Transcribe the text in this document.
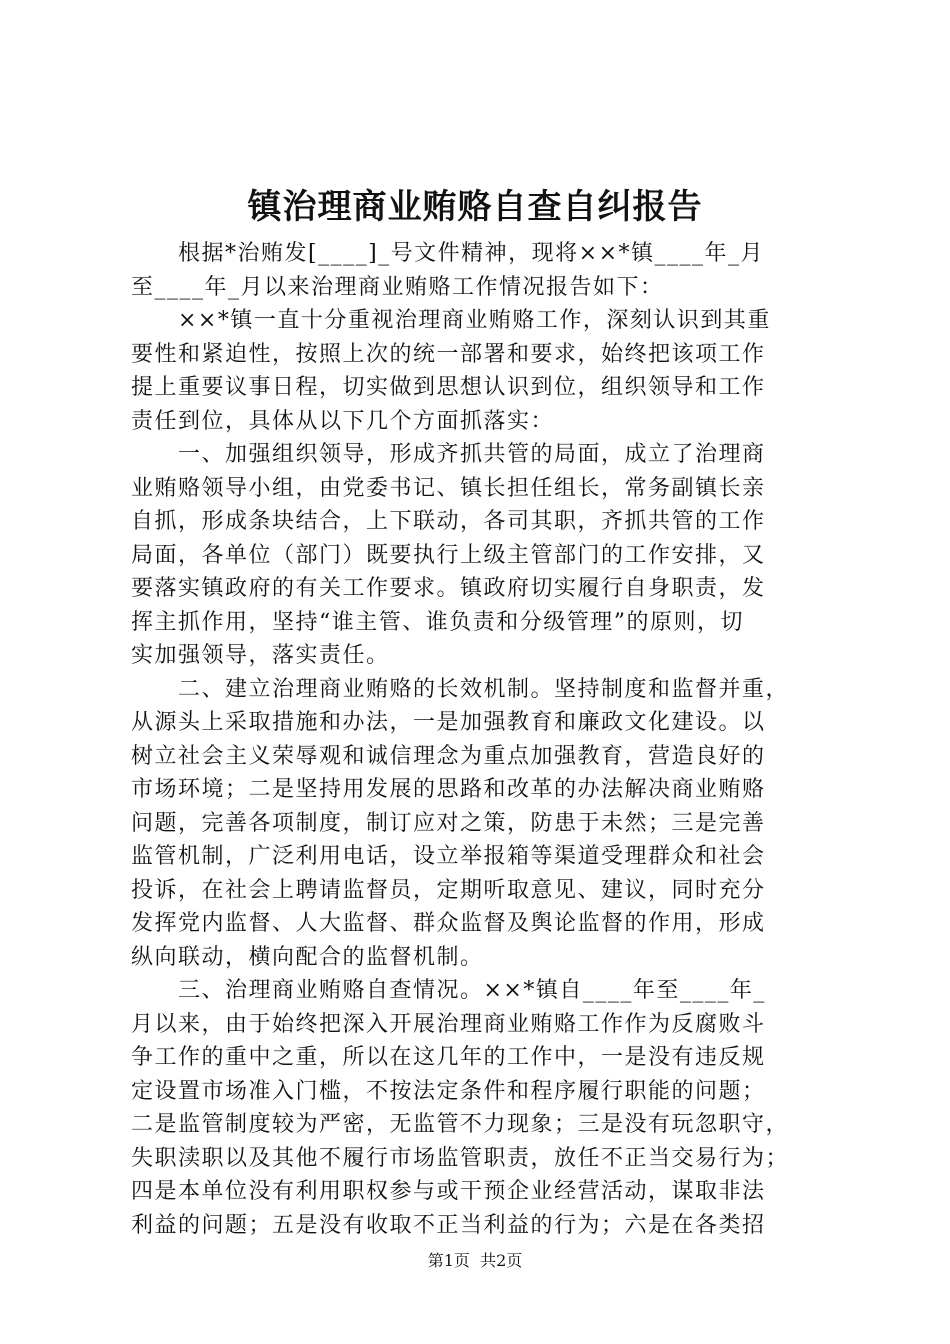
镇治理商业贿赂自查自纠报告
　　根据*治贿发[____]_号文件精神，现将××*镇____年_月
至____年_月以来治理商业贿赂工作情况报告如下：
　　××*镇一直十分重视治理商业贿赂工作，深刻认识到其重
要性和紧迫性，按照上次的统一部署和要求，始终把该项工作
提上重要议事日程，切实做到思想认识到位，组织领导和工作
责任到位，具体从以下几个方面抓落实：
　　一、加强组织领导，形成齐抓共管的局面，成立了治理商
业贿赂领导小组，由党委书记、镇长担任组长，常务副镇长亲
自抓，形成条块结合，上下联动，各司其职，齐抓共管的工作
局面，各单位（部门）既要执行上级主管部门的工作安排，又
要落实镇政府的有关工作要求。镇政府切实履行自身职责，发
挥主抓作用，坚持“谁主管、谁负责和分级管理”的原则，切
实加强领导，落实责任。
　　二、建立治理商业贿赂的长效机制。坚持制度和监督并重，
从源头上采取措施和办法，一是加强教育和廉政文化建设。以
树立社会主义荣辱观和诚信理念为重点加强教育，营造良好的
市场环境；二是坚持用发展的思路和改革的办法解决商业贿赂
问题，完善各项制度，制订应对之策，防患于未然；三是完善
监管机制，广泛利用电话，设立举报箱等渠道受理群众和社会
投诉，在社会上聘请监督员，定期听取意见、建议，同时充分
发挥党内监督、人大监督、群众监督及舆论监督的作用，形成
纵向联动，横向配合的监督机制。
　　三、治理商业贿赂自查情况。××*镇自____年至____年_
月以来，由于始终把深入开展治理商业贿赂工作作为反腐败斗
争工作的重中之重，所以在这几年的工作中，一是没有违反规
定设置市场准入门槛，不按法定条件和程序履行职能的问题；
二是监管制度较为严密，无监管不力现象；三是没有玩忽职守，
失职渎职以及其他不履行市场监管职责，放任不正当交易行为；
四是本单位没有利用职权参与或干预企业经营活动，谋取非法
利益的问题；五是没有收取不正当利益的行为；六是在各类招
第1页  共2页
